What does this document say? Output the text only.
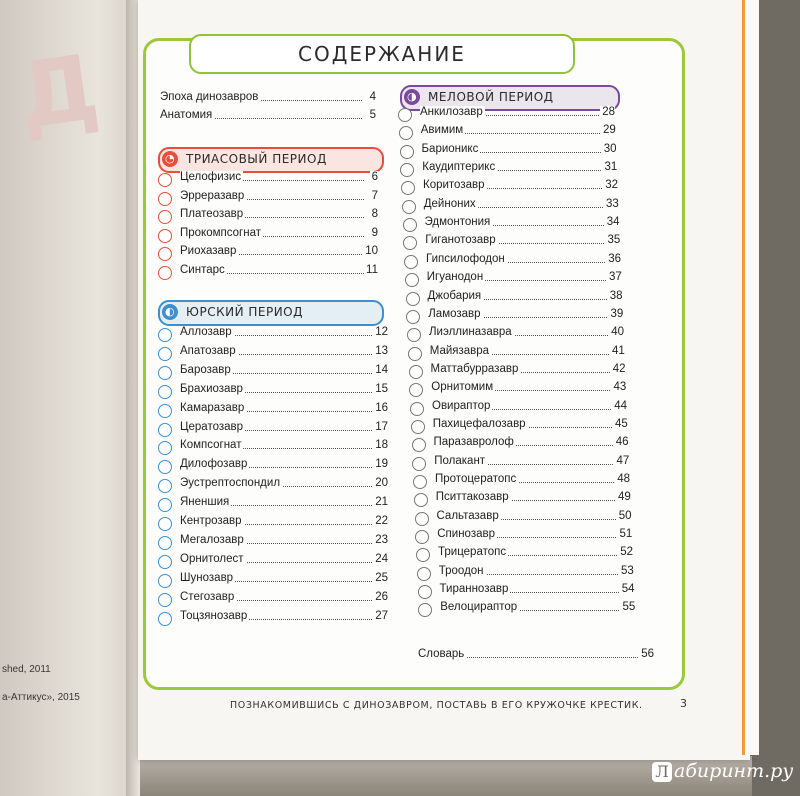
Д
shed, 2011
а-Аттикус», 2015
СОДЕРЖАНИЕ
Эпоха динозавров	4
Анатомия	5
◔ ТРИАСОВЫЙ ПЕРИОД
Целофизис	6
Эрреразавр	7
Платеозавр	8
Прокомпсогнат	9
Риохазавр	10
Синтарс	11
◐ ЮРСКИЙ ПЕРИОД
Аллозавр	12
Апатозавр	13
Барозавр	14
Брахиозавр	15
Камаразавр	16
Цератозавр	17
Компсогнат	18
Дилофозавр	19
Эустрептоспондил	20
Яненшия	21
Кентрозавр	22
Мегалозавр	23
Орнитолест	24
Шунозавр	25
Стегозавр	26
Тоцзянозавр	27
◑ МЕЛОВОЙ ПЕРИОД
Анкилозавр	28
Авимим	29
Барионикс	30
Каудиптерикс	31
Коритозавр	32
Дейноних	33
Эдмонтония	34
Гиганотозавр	35
Гипсилофодон	36
Игуанодон	37
Джобария	38
Ламозавр	39
Лиэллиназавра	40
Майязавра	41
Маттабурразавр	42
Орнитомим	43
Овираптор	44
Пахицефалозавр	45
Паразавролоф	46
Полакант	47
Протоцератопс	48
Пситтакозавр	49
Сальтазавр	50
Спинозавр	51
Трицератопс	52
Троодон	53
Тираннозавр	54
Велоцираптор	55
Словарь	56
ПОЗНАКОМИВШИСЬ С ДИНОЗАВРОМ, ПОСТАВЬ В ЕГО КРУЖОЧКЕ КРЕСТИК.	3
Л абиринт.ру
